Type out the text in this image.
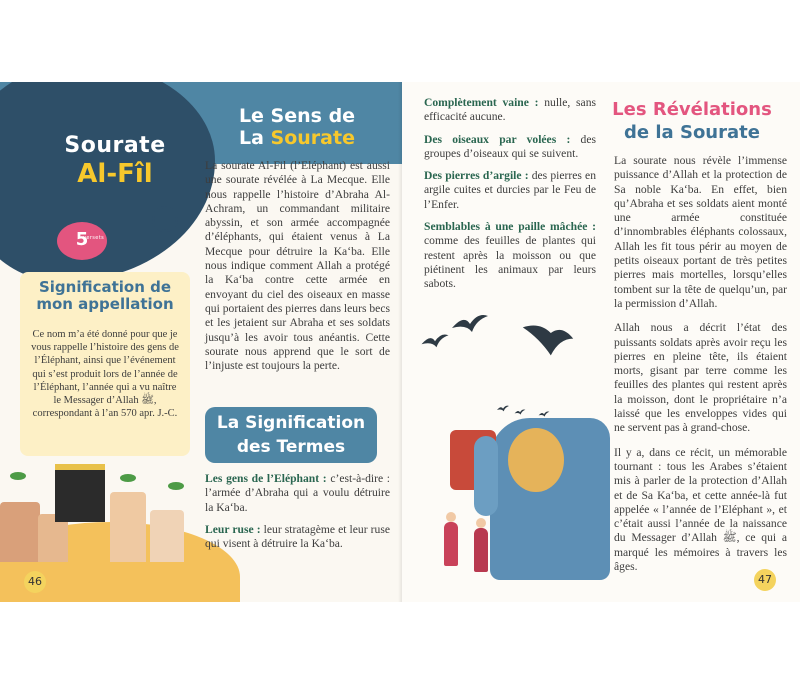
Sourate
Al-Fîl
5
versets
Le Sens de
La Sourate
La sourate Al-Fil (l’Eléphant) est aussi une sourate révélée à La Mecque. Elle nous rappelle l’histoire d’Abraha Al-Achram, un commandant militaire abyssin, et son armée accompagnée d’éléphants, qui étaient venus à La Mecque pour détruire la Ka‘ba. Elle nous indique comment Allah a protégé la Ka‘ba contre cette armée en envoyant du ciel des oiseaux en masse qui portaient des pierres dans leurs becs et les jetaient sur Abraha et ses soldats jusqu’à les avoir tous anéantis. Cette sourate nous apprend que le sort de l’injuste est toujours la perte.
Signification de mon appellation
Ce nom m’a été donné pour que je vous rappelle l’histoire des gens de l’Éléphant, ainsi que l’événement qui s’est produit lors de l’année de l’Éléphant, l’année qui a vu naître le Messager d’Allah ﷺ, correspondant à l’an 570 apr. J.-C.	La Signification
des Termes
Les gens de l’Eléphant : c’est-à-dire : l’armée d’Abraha qui a voulu détruire la Ka‘ba.
Leur ruse : leur stratagème et leur ruse qui visent à détruire la Ka‘ba.
46
Complètement vaine : nulle, sans efficacité aucune.
Des oiseaux par volées : des groupes d’oiseaux qui se suivent.
Des pierres d’argile : des pierres en argile cuites et durcies par le Feu de l’Enfer.
Semblables à une paille mâchée : comme des feuilles de plantes qui restent après la moisson ou que piétinent les animaux par leurs sabots.
Les Révélations
de la Sourate

La sourate nous révèle l’immense puissance d’Allah et la protection de Sa noble Ka‘ba. En effet, bien qu’Abraha et ses soldats aient monté une armée constituée d’innombrables éléphants colossaux, Allah les fit tous périr au moyen de petits oiseaux portant de très petites pierres mais mortelles, lorsqu’elles tombent sur la tête de quelqu’un, par la permission d’Allah.

Allah nous a décrit l’état des puissants soldats après avoir reçu les pierres en pleine tête, ils étaient morts, gisant par terre comme les feuilles des plantes qui restent après la moisson, dont le propriétaire n’a laissé que les enveloppes vides qui ne servent pas à grand-chose.

Il y a, dans ce récit, un mémorable tournant : tous les Arabes s’étaient mis à parler de la protection d’Allah et de Sa Ka‘ba, et cette année-là fut appelée « l’année de l’Eléphant », et c’était aussi l’année de la naissance du Messager d’Allah ﷺ, ce qui a marqué les mémoires à travers les âges.

47
